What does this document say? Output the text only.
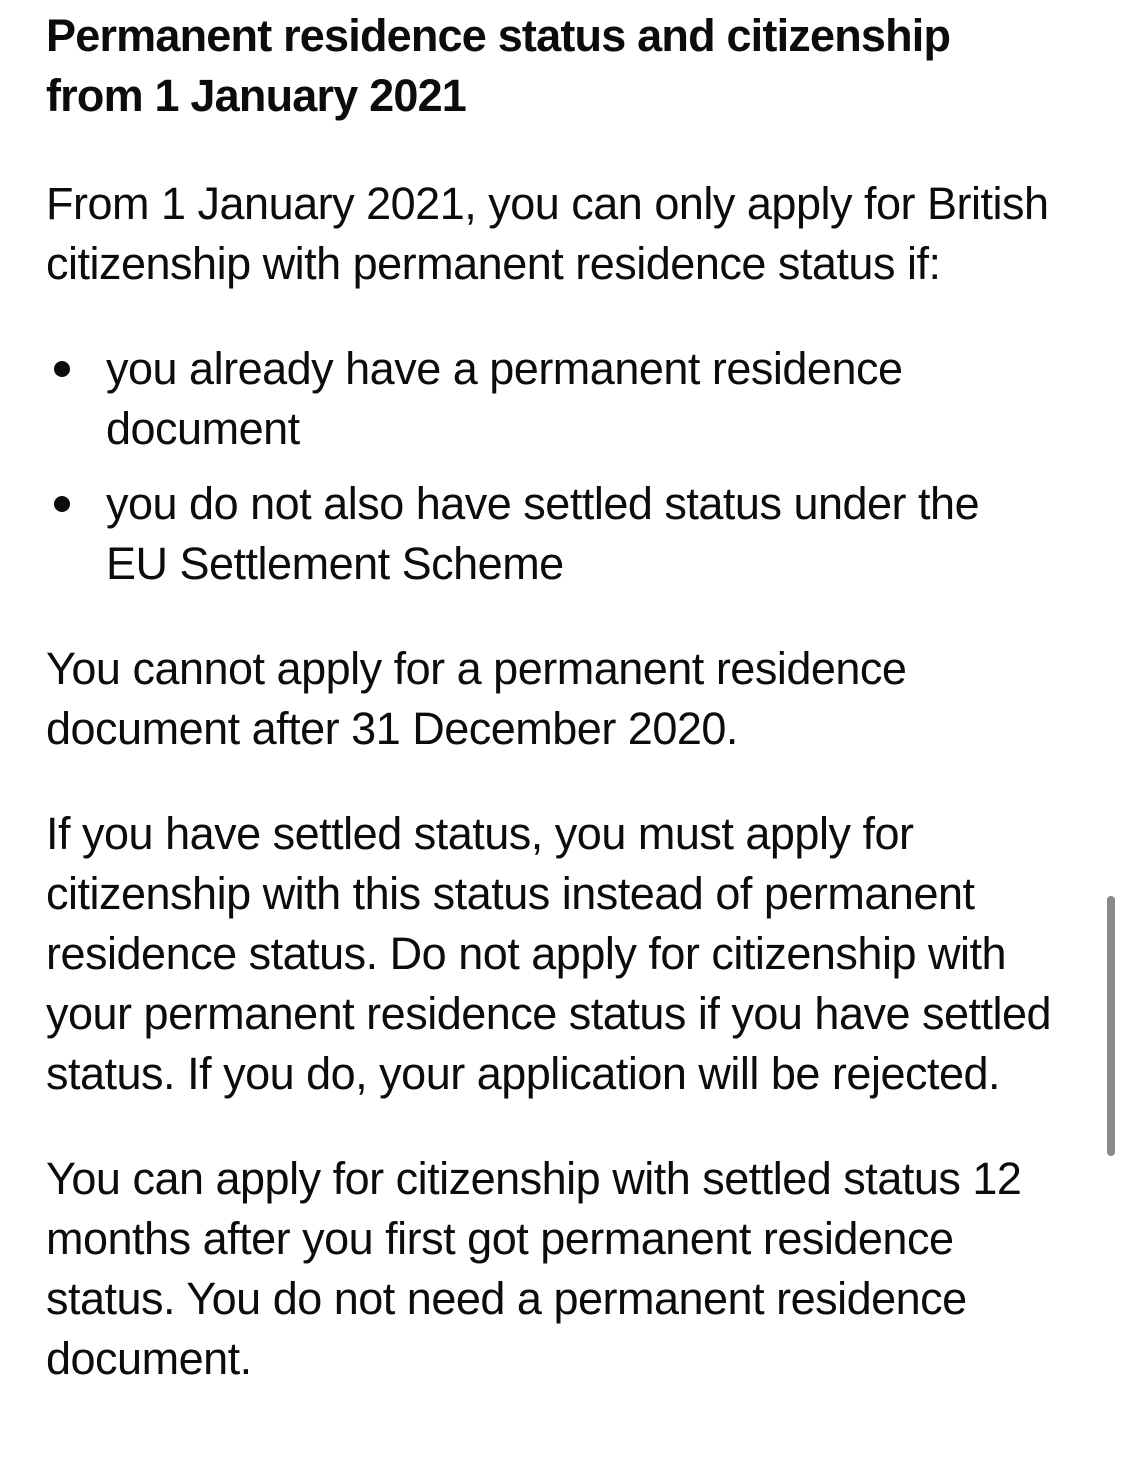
Permanent residence status and citizenship from 1 January 2021

From 1 January 2021, you can only apply for British citizenship with permanent residence status if:

you already have a permanent residence document
you do not also have settled status under the EU Settlement Scheme

You cannot apply for a permanent residence document after 31 December 2020.

If you have settled status, you must apply for citizenship with this status instead of permanent residence status. Do not apply for citizenship with your permanent residence status if you have settled status. If you do, your application will be rejected.

You can apply for citizenship with settled status 12 months after you first got permanent residence status. You do not need a permanent residence document.
